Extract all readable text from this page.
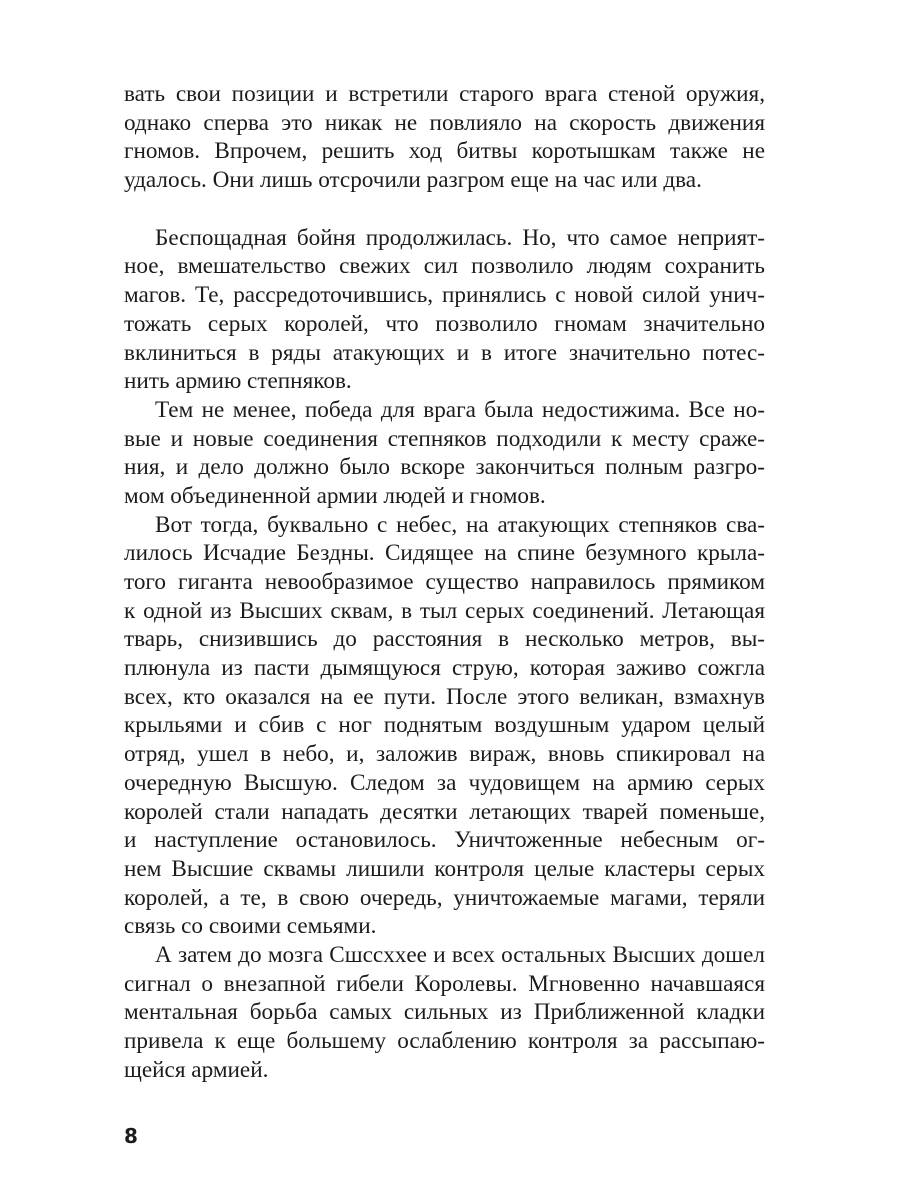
вать свои позиции и встретили старого врага стеной оружия,
однако сперва это никак не повлияло на скорость движения
гномов. Впрочем, решить ход битвы коротышкам также не
удалось. Они лишь отсрочили разгром еще на час или два.
Беспощадная бойня продолжилась. Но, что самое неприят-
ное, вмешательство свежих сил позволило людям сохранить
магов. Те, рассредоточившись, принялись с новой силой унич-
тожать серых королей, что позволило гномам значительно
вклиниться в ряды атакующих и в итоге значительно потес-
нить армию степняков.
Тем не менее, победа для врага была недостижима. Все но-
вые и новые соединения степняков подходили к месту сраже-
ния, и дело должно было вскоре закончиться полным разгро-
мом объединенной армии людей и гномов.
Вот тогда, буквально с небес, на атакующих степняков сва-
лилось Исчадие Бездны. Сидящее на спине безумного крыла-
того гиганта невообразимое существо направилось прямиком
к одной из Высших сквам, в тыл серых соединений. Летающая
тварь, снизившись до расстояния в несколько метров, вы-
плюнула из пасти дымящуюся струю, которая заживо сожгла
всех, кто оказался на ее пути. После этого великан, взмахнув
крыльями и сбив с ног поднятым воздушным ударом целый
отряд, ушел в небо, и, заложив вираж, вновь спикировал на
очередную Высшую. Следом за чудовищем на армию серых
королей стали нападать десятки летающих тварей поменьше,
и наступление остановилось. Уничтоженные небесным ог-
нем Высшие сквамы лишили контроля целые кластеры серых
королей, а те, в свою очередь, уничтожаемые магами, теряли
связь со своими семьями.
А затем до мозга Сшсcхxее и всех остальных Высших дошел
сигнал о внезапной гибели Королевы. Мгновенно начавшаяся
ментальная борьба самых сильных из Приближенной кладки
привела к еще большему ослаблению контроля за рассыпаю-
щейся армией.
8
